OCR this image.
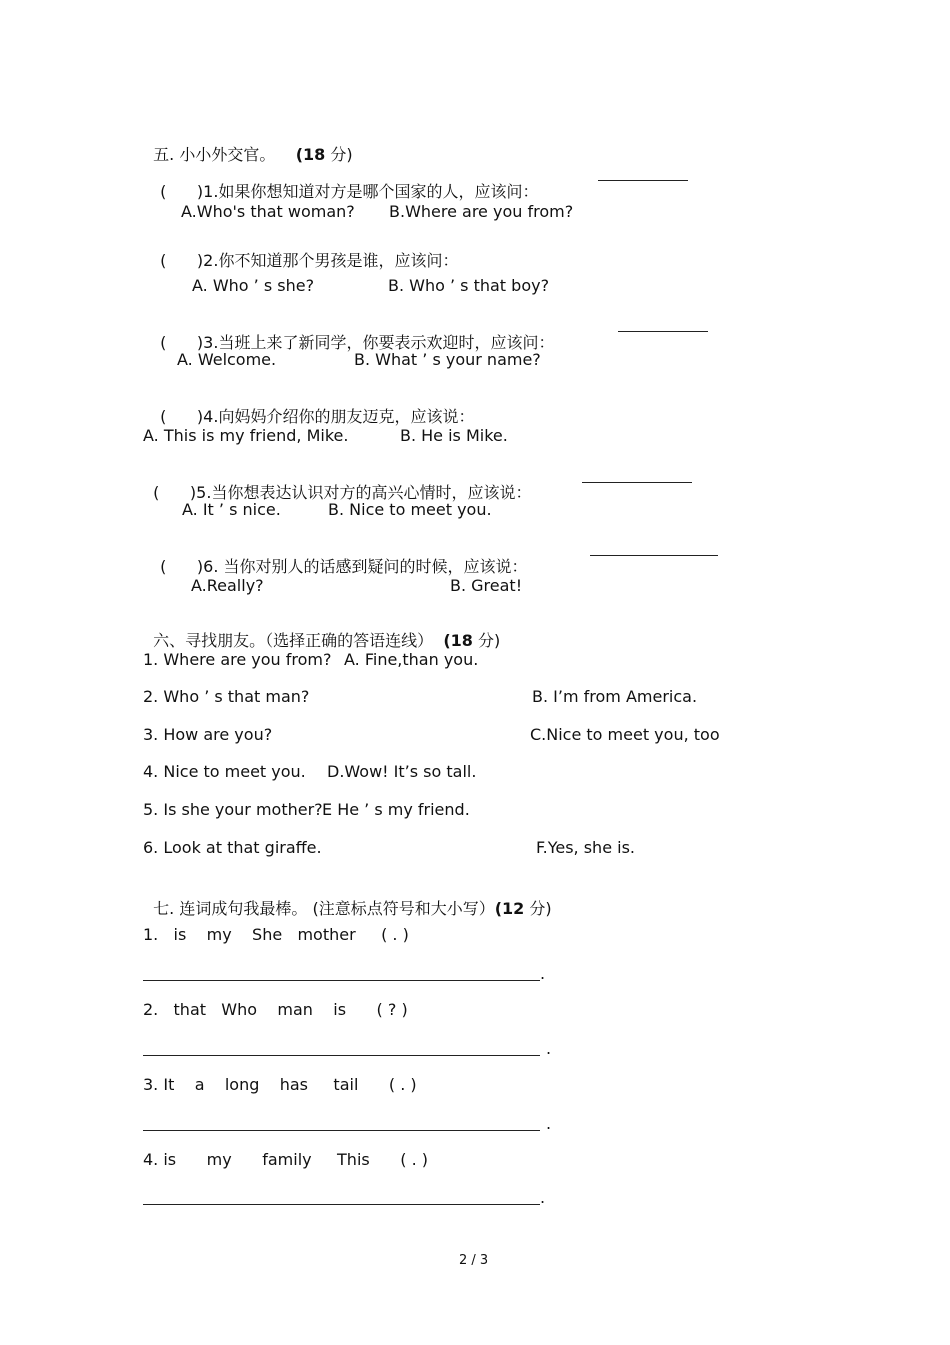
五. 小小外交官。 (18 分)

(      )1.如果你想知道对方是哪个国家的人，应该问：

A.Who's that woman? B.Where are you from?

(      )2.你不知道那个男孩是谁，应该问：

A. Who ’ s she?	B. Who ’ s that boy?

(      )3.当班上来了新同学，你要表示欢迎时，应该问：

A. Welcome.	B. What ’ s your name?

(      )4.向妈妈介绍你的朋友迈克，应该说：

A. This is my friend, Mike.	B. He is Mike.

(      )5.当你想表达认识对方的高兴心情时，应该说：

A. It ’ s nice.	B. Nice to meet you.

(      )6. 当你对别人的话感到疑问的时候，应该说：

A.Really?	B. Great!

六、寻找朋友。（选择正确的答语连线） (18 分)

1. Where are you from? A. Fine,than you.
2. Who ’ s that man?	B. I’m from America.
3. How are you?	C.Nice to meet you, too
4. Nice to meet you. D.Wow! It’s so tall.
5. Is she your mother? E He ’ s my friend.
6. Look at that giraffe.	F.Yes, she is.

七. 连词成句我最棒。 (注意标点符号和大小写）(12 分)

1.   is    my    She   mother     ( . )
.
2.   that   Who    man    is      ( ? )
.
3. It    a    long    has     tail      ( . )
.
4. is      my      family     This      ( . )
.
2 / 3
